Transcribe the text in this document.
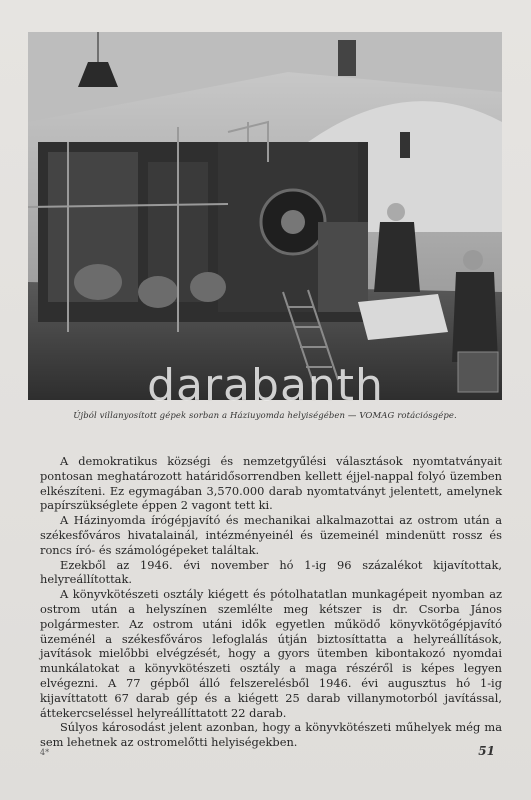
Újból villanyosított gépek sorban a Háziuyomda helyiségében — VOMAG rotációsgépe.
darabanth

A demokratikus községi és nemzetgyűlési választások nyomtatványait pontosan meghatározott határidősorrendben kellett éjjel-nappal folyó üzemben elkészíteni. Ez egymagában 3,570.000 darab nyomtatványt jelentett, amelynek papírszükséglete éppen 2 vagont tett ki.

A Házinyomda írógépjavító és mechanikai alkalmazottai az ostrom után a székesfőváros hivatalainál, intézményeinél és üzemeinél mindenütt rossz és roncs író- és számológépeket találtak.

Ezekből az 1946. évi november hó 1-ig 96 százalékot kijavítottak, helyreállítottak.

A könyvkötészeti osztály kiégett és pótolhatatlan munkagépeit nyomban az ostrom után a helyszínen szemlélte meg kétszer is dr. Csorba János polgármester. Az ostrom utáni idők egyetlen működő könyvkötőgépjavító üzeménél a székesfőváros lefoglalás útján biztosíttatta a helyreállítások, javítások mielőbbi elvégzését, hogy a gyors ütemben kibontakozó nyomdai munkálatokat a könyvkötészeti osztály a maga részéről is képes legyen elvégezni. A 77 gépből álló felszerelésből 1946. évi augusztus hó 1-ig kijavíttatott 67 darab gép és a kiégett 25 darab villanymotorból javítással, áttekercseléssel helyreállíttatott 22 darab.

Súlyos károsodást jelent azonban, hogy a könyvkötészeti műhelyek még ma sem lehetnek az ostromelőtti helyiségekben.

4*	51
